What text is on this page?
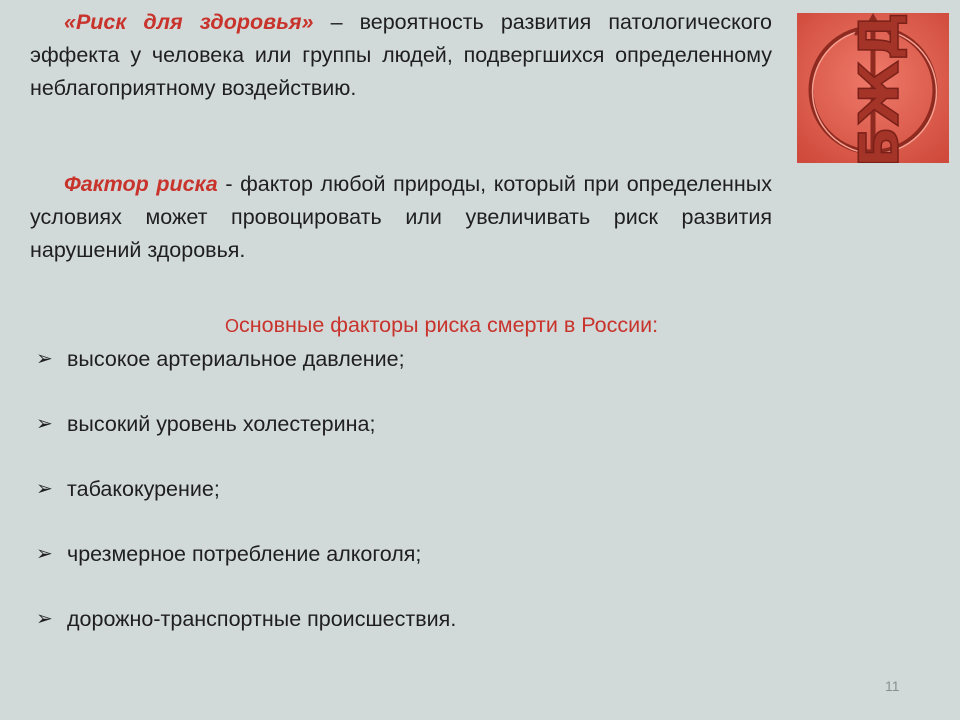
«Риск для здоровья» – вероятность развития патологического эффекта у человека или группы людей, подвергшихся определенному неблагоприятному воздействию.	БЖД

Фактор риска - фактор любой природы, который при определенных условиях может провоцировать или увеличивать риск развития нарушений здоровья.

Основные факторы риска смерти в России:

➢ высокое артериальное давление;
➢ высокий уровень холестерина;
➢ табакокурение;
➢ чрезмерное потребление алкоголя;
➢ дорожно-транспортные происшествия.
11
